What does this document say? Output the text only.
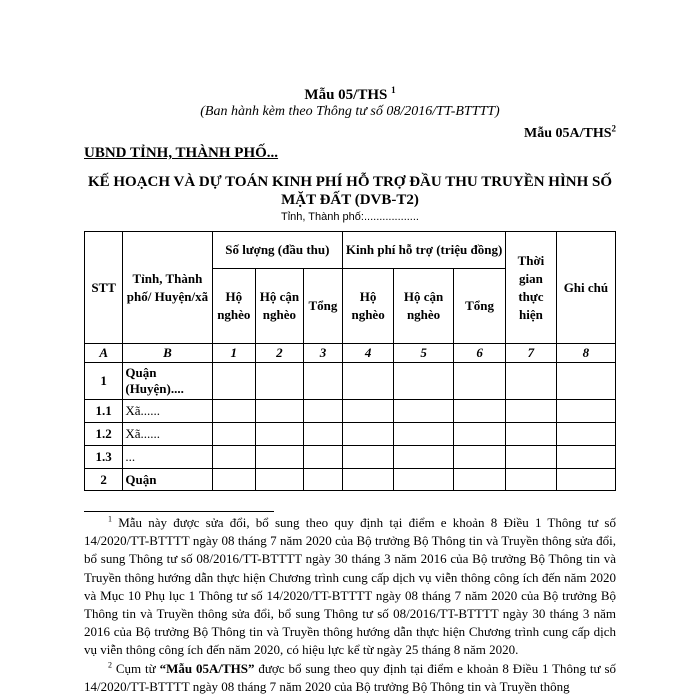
Mẫu 05/THS $^1$
(Ban hành kèm theo Thông tư số 08/2016/TT-BTTTT)
Mẫu 05A/THS$^2$
UBND TỈNH, THÀNH PHỐ...
KẾ HOẠCH VÀ DỰ TOÁN KINH PHÍ HỖ TRỢ ĐẦU THU TRUYỀN HÌNH SỐ MẶT ĐẤT (DVB-T2)
Tỉnh, Thành phố:..................
STT	Tỉnh, Thành phố/ Huyện/xã	Số lượng (đầu thu)			Kinh phí hỗ trợ (triệu đồng)			Thời gian thực hiện	Ghi chú
		Hộ nghèo	Hộ cận nghèo	Tổng	Hộ nghèo	Hộ cận nghèo	Tổng		
A	B	1	2	3	4	5	6	7	8
1	Quận (Huyện)....								
1.1	Xã......								
1.2	Xã......								
1.3	...								
2	Quận								

$^1$ Mẫu này được sửa đổi, bổ sung theo quy định tại điểm e khoản 8 Điều 1 Thông tư số 14/2020/TT-BTTTT ngày 08 tháng 7 năm 2020 của Bộ trưởng Bộ Thông tin và Truyền thông sửa đổi, bổ sung Thông tư số 08/2016/TT-BTTTT ngày 30 tháng 3 năm 2016 của Bộ trưởng Bộ Thông tin và Truyền thông hướng dẫn thực hiện Chương trình cung cấp dịch vụ viễn thông công ích đến năm 2020 và Mục 10 Phụ lục 1 Thông tư số 14/2020/TT-BTTTT ngày 08 tháng 7 năm 2020 của Bộ trưởng Bộ Thông tin và Truyền thông sửa đổi, bổ sung Thông tư số 08/2016/TT-BTTTT ngày 30 tháng 3 năm 2016 của Bộ trưởng Bộ Thông tin và Truyền thông hướng dẫn thực hiện Chương trình cung cấp dịch vụ viễn thông công ích đến năm 2020, có hiệu lực kể từ ngày 25 tháng 8 năm 2020.

$^2$ Cụm từ “Mẫu 05A/THS” được bổ sung theo quy định tại điểm e khoản 8 Điều 1 Thông tư số 14/2020/TT-BTTTT ngày 08 tháng 7 năm 2020 của Bộ trưởng Bộ Thông tin và Truyền thông
